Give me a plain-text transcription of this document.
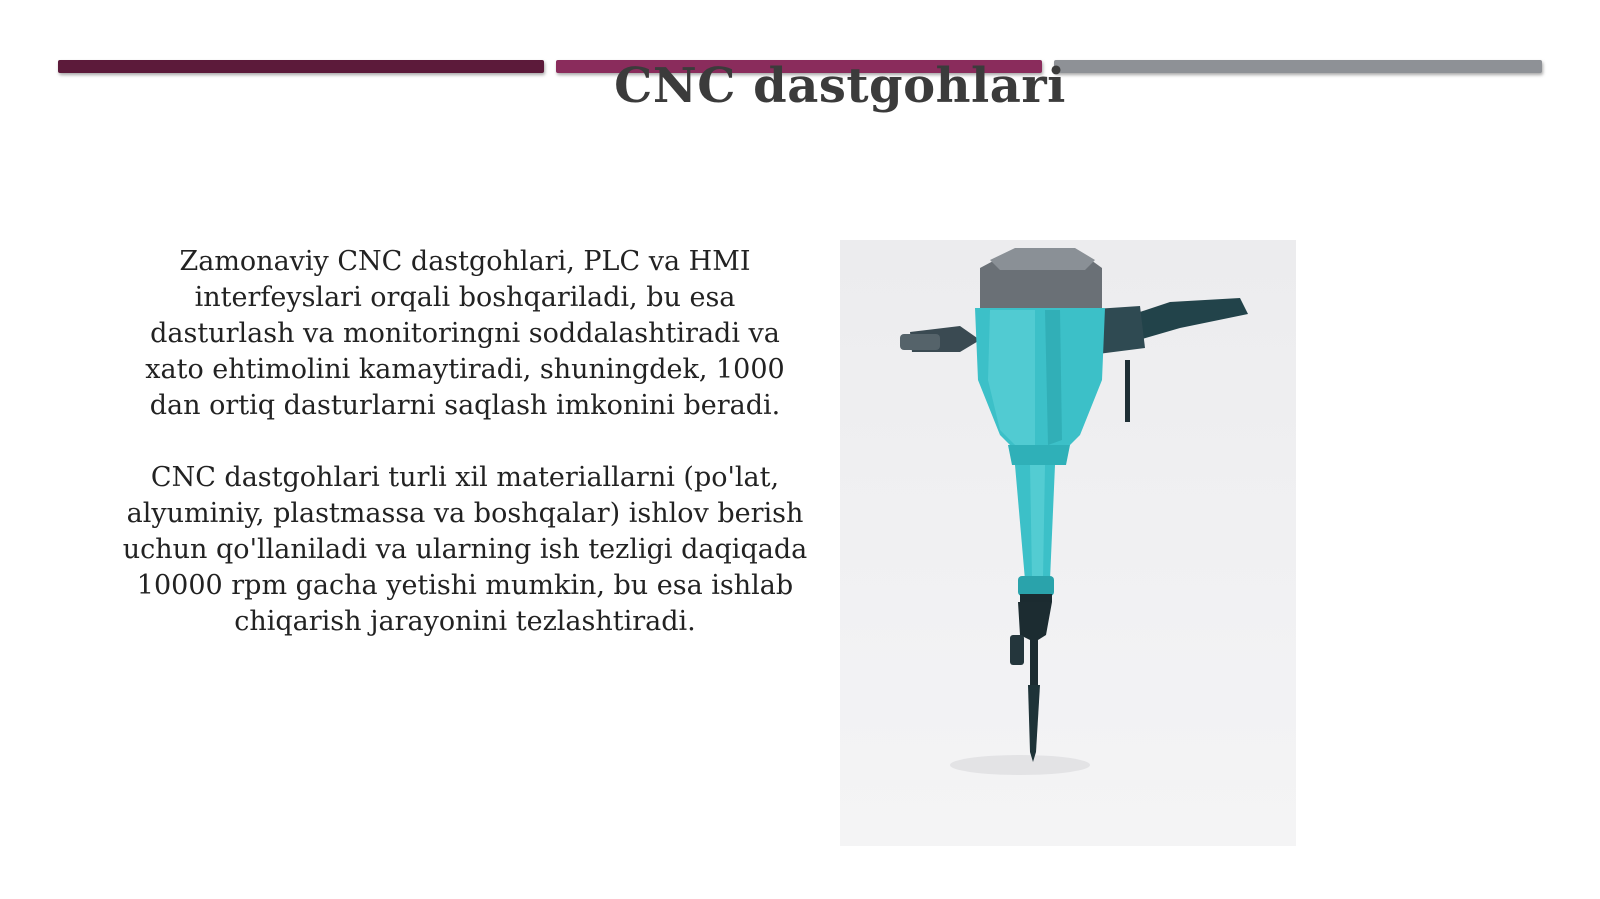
CNC dastgohlari

Zamonaviy CNC dastgohlari, PLC va HMI interfeyslari orqali boshqariladi, bu esa dasturlash va monitoringni soddalashtiradi va xato ehtimolini kamaytiradi, shuningdek, 1000 dan ortiq dasturlarni saqlash imkonini beradi.

CNC dastgohlari turli xil materiallarni (po'lat, alyuminiy, plastmassa va boshqalar) ishlov berish uchun qo'llaniladi va ularning ish tezligi daqiqada 10000 rpm gacha yetishi mumkin, bu esa ishlab chiqarish jarayonini tezlashtiradi.
